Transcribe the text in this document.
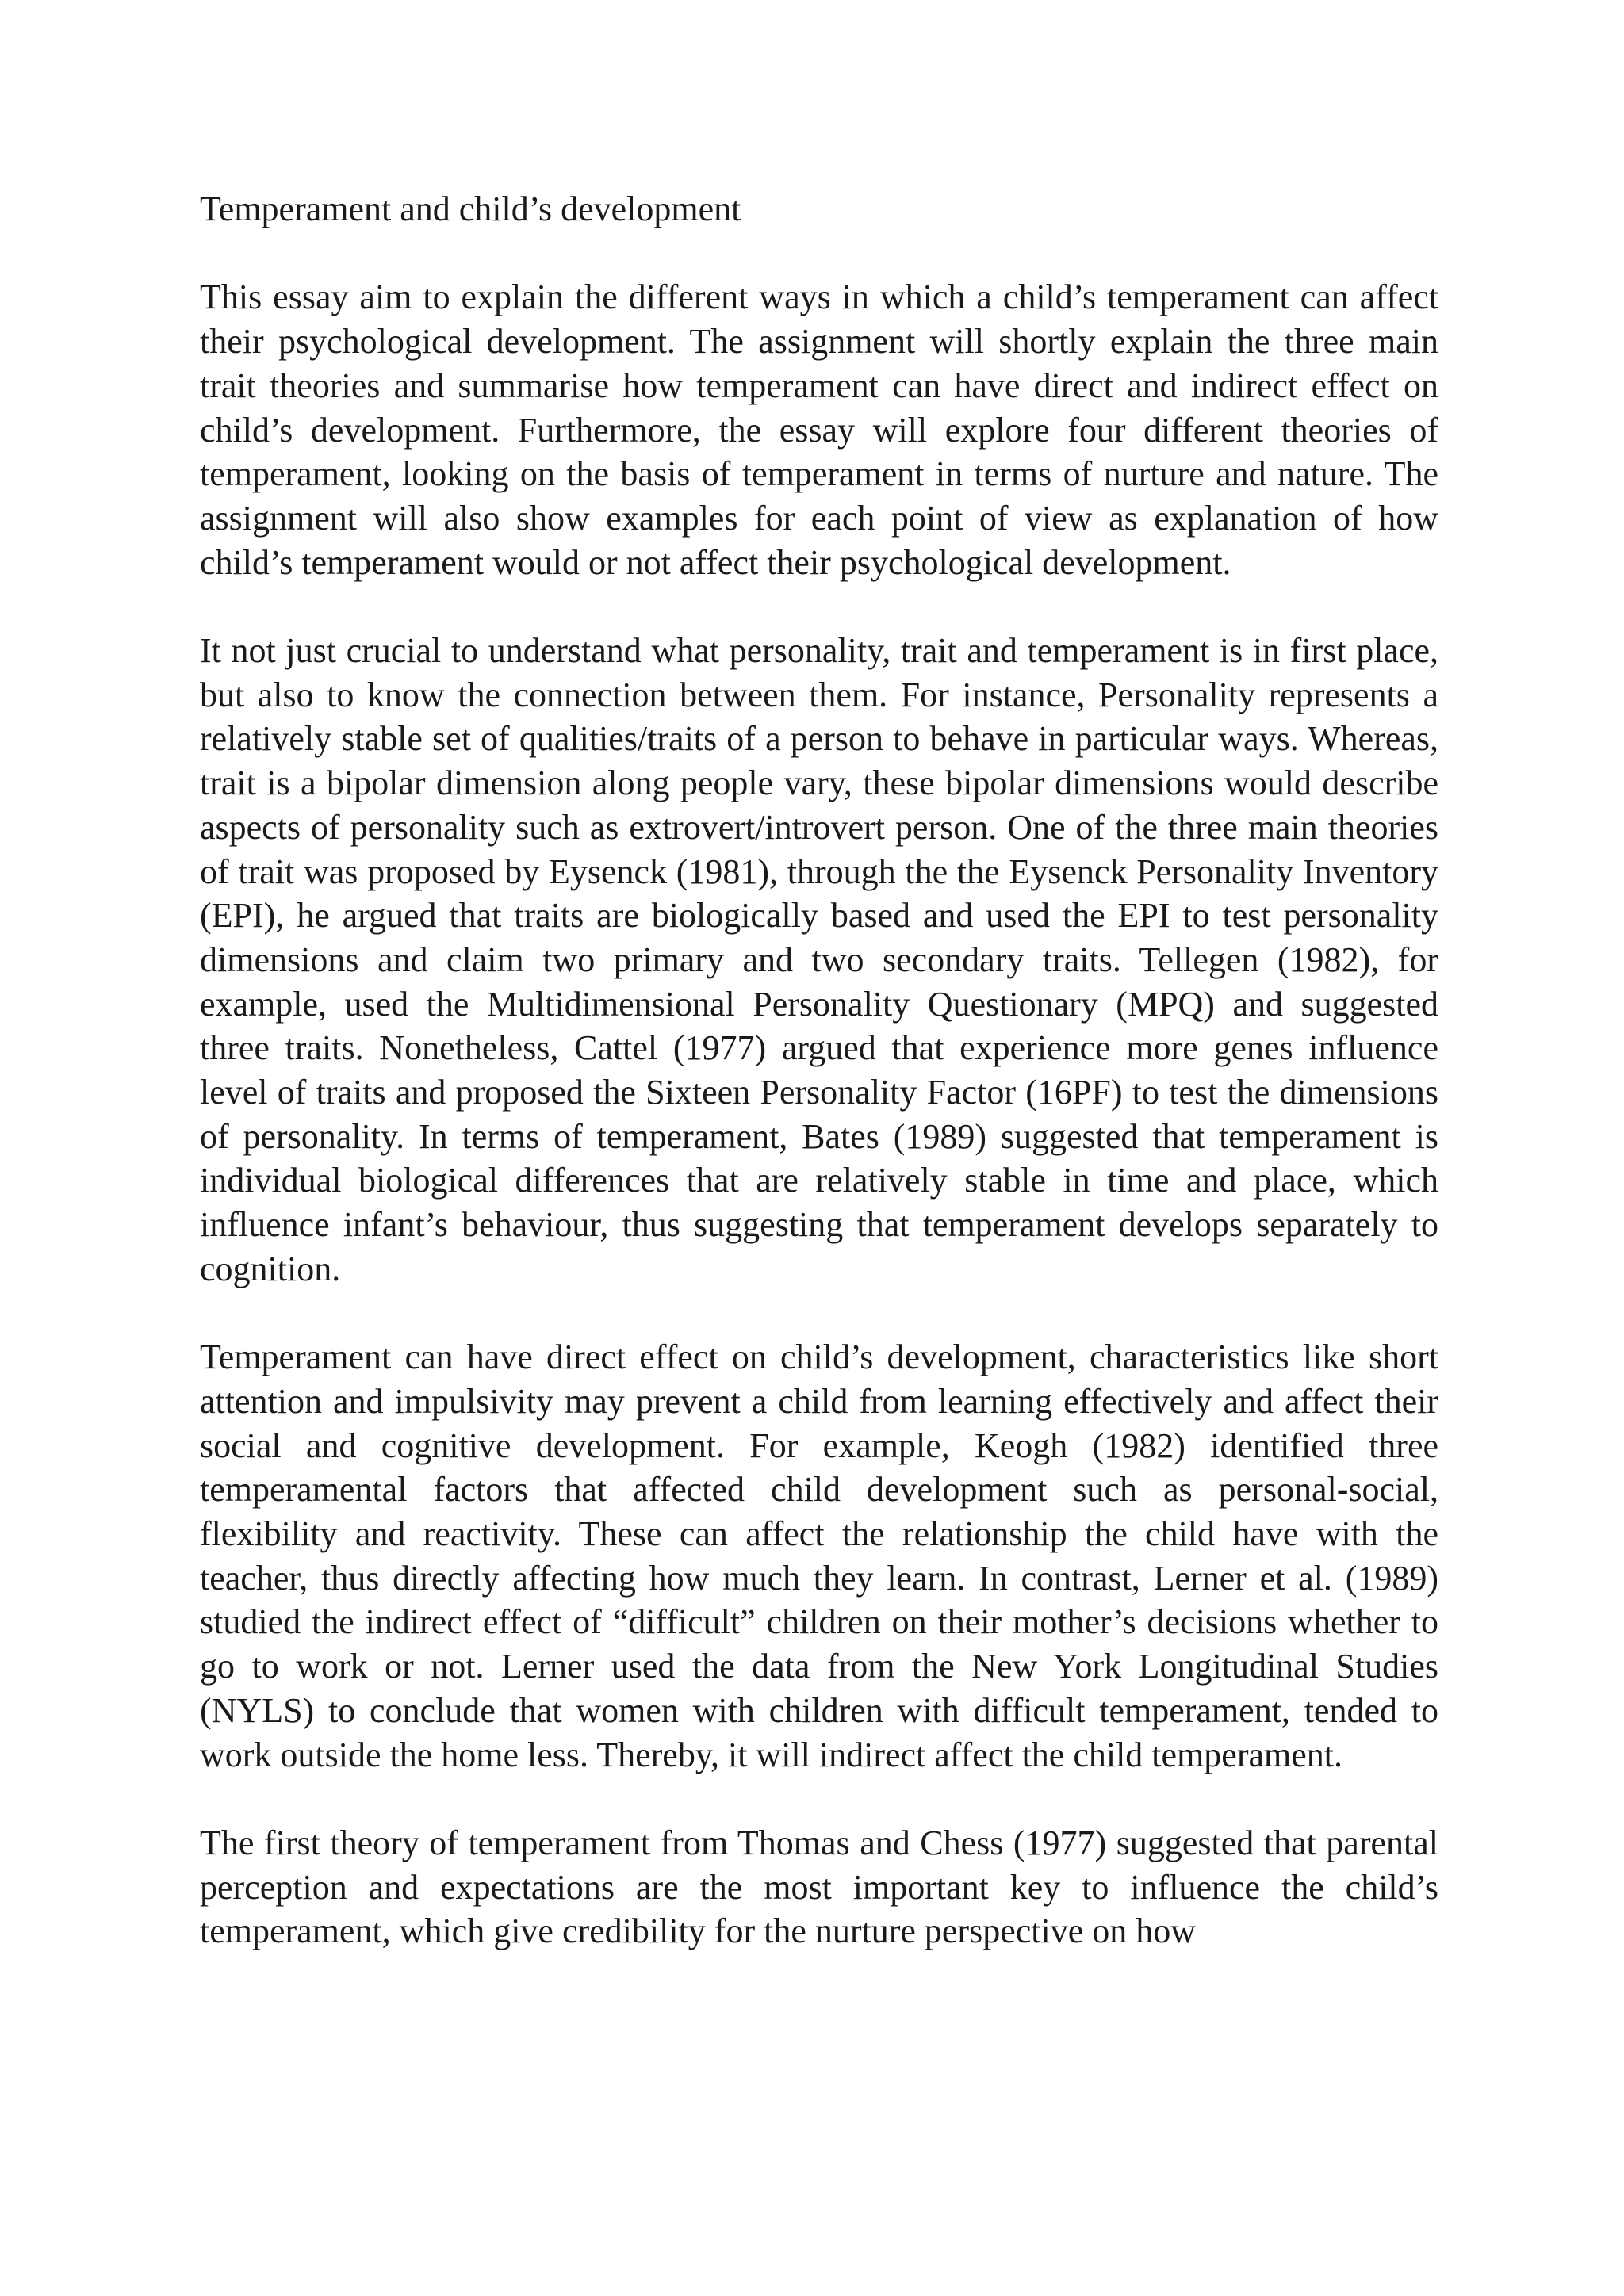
Temperament and child’s development

This essay aim to explain the different ways in which a child’s temperament can affect their psychological development. The assignment will shortly explain the three main trait theories and summarise how temperament can have direct and indirect effect on child’s development. Furthermore, the essay will explore four different theories of temperament, looking on the basis of temperament in terms of nurture and nature. The assignment will also show examples for each point of view as explanation of how child’s temperament would or not affect their psychological development.

It not just crucial to understand what personality, trait and temperament is in first place, but also to know the connection between them. For instance, Personality represents a relatively stable set of qualities/traits of a person to behave in particular ways. Whereas, trait is a bipolar dimension along people vary, these bipolar dimensions would describe aspects of personality such as extrovert/introvert person. One of the three main theories of trait was proposed by Eysenck (1981), through the the Eysenck Personality Inventory (EPI), he argued that traits are biologically based and used the EPI to test personality dimensions and claim two primary and two secondary traits. Tellegen (1982), for example, used the Multidimensional Personality Questionary (MPQ) and suggested three traits. Nonetheless, Cattel (1977) argued that experience more genes influence level of traits and proposed the Sixteen Personality Factor (16PF) to test the dimensions of personality. In terms of temperament, Bates (1989) suggested that temperament is individual biological differences that are relatively stable in time and place, which influence infant’s behaviour, thus suggesting that temperament develops separately to cognition.

Temperament can have direct effect on child’s development, characteristics like short attention and impulsivity may prevent a child from learning effectively and affect their social and cognitive development. For example, Keogh (1982) identified three temperamental factors that affected child development such as personal-social, flexibility and reactivity. These can affect the relationship the child have with the teacher, thus directly affecting how much they learn. In contrast, Lerner et al. (1989) studied the indirect effect of “difficult” children on their mother’s decisions whether to go to work or not. Lerner used the data from the New York Longitudinal Studies (NYLS) to conclude that women with children with difficult temperament, tended to work outside the home less. Thereby, it will indirect affect the child temperament.

The first theory of temperament from Thomas and Chess (1977) suggested that parental perception and expectations are the most important key to influence the child’s temperament, which give credibility for the nurture perspective on how
